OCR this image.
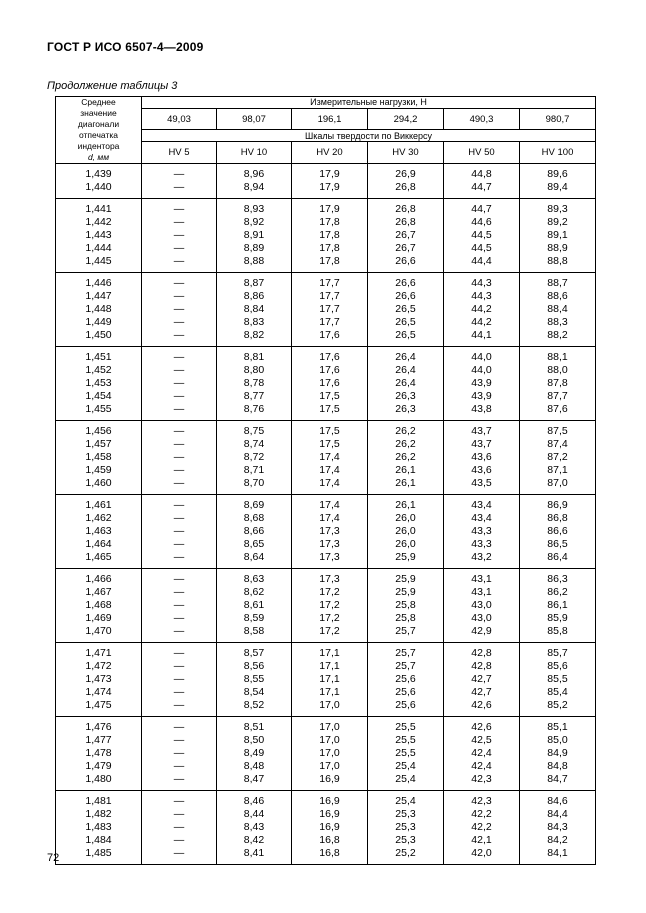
ГОСТ Р ИСО 6507-4—2009
Продолжение таблицы 3
Среднее
значение
диагонали
отпечатка
индентора
d, мм
	Измерительные нагрузки, Н
	49,03	98,07	196,1	294,2	490,3	980,7
	Шкалы твердости по Виккерсу					
	HV 5	HV 10	HV 20	HV 30	HV 50	HV 100
1,439	—	8,96	17,9	26,9	44,8	89,6
1,440	—	8,94	17,9	26,8	44,7	89,4
1,441	—	8,93	17,9	26,8	44,7	89,3
1,442	—	8,92	17,8	26,8	44,6	89,2
1,443	—	8,91	17,8	26,7	44,5	89,1
1,444	—	8,89	17,8	26,7	44,5	88,9
1,445	—	8,88	17,8	26,6	44,4	88,8
1,446	—	8,87	17,7	26,6	44,3	88,7
1,447	—	8,86	17,7	26,6	44,3	88,6
1,448	—	8,84	17,7	26,5	44,2	88,4
1,449	—	8,83	17,7	26,5	44,2	88,3
1,450	—	8,82	17,6	26,5	44,1	88,2
1,451	—	8,81	17,6	26,4	44,0	88,1
1,452	—	8,80	17,6	26,4	44,0	88,0
1,453	—	8,78	17,6	26,4	43,9	87,8
1,454	—	8,77	17,5	26,3	43,9	87,7
1,455	—	8,76	17,5	26,3	43,8	87,6
1,456	—	8,75	17,5	26,2	43,7	87,5
1,457	—	8,74	17,5	26,2	43,7	87,4
1,458	—	8,72	17,4	26,2	43,6	87,2
1,459	—	8,71	17,4	26,1	43,6	87,1
1,460	—	8,70	17,4	26,1	43,5	87,0
1,461	—	8,69	17,4	26,1	43,4	86,9
1,462	—	8,68	17,4	26,0	43,4	86,8
1,463	—	8,66	17,3	26,0	43,3	86,6
1,464	—	8,65	17,3	26,0	43,3	86,5
1,465	—	8,64	17,3	25,9	43,2	86,4
1,466	—	8,63	17,3	25,9	43,1	86,3
1,467	—	8,62	17,2	25,9	43,1	86,2
1,468	—	8,61	17,2	25,8	43,0	86,1
1,469	—	8,59	17,2	25,8	43,0	85,9
1,470	—	8,58	17,2	25,7	42,9	85,8
1,471	—	8,57	17,1	25,7	42,8	85,7
1,472	—	8,56	17,1	25,7	42,8	85,6
1,473	—	8,55	17,1	25,6	42,7	85,5
1,474	—	8,54	17,1	25,6	42,7	85,4
1,475	—	8,52	17,0	25,6	42,6	85,2
1,476	—	8,51	17,0	25,5	42,6	85,1
1,477	—	8,50	17,0	25,5	42,5	85,0
1,478	—	8,49	17,0	25,5	42,4	84,9
1,479	—	8,48	17,0	25,4	42,4	84,8
1,480	—	8,47	16,9	25,4	42,3	84,7
1,481	—	8,46	16,9	25,4	42,3	84,6
1,482	—	8,44	16,9	25,3	42,2	84,4
1,483	—	8,43	16,9	25,3	42,2	84,3
1,484	—	8,42	16,8	25,3	42,1	84,2
1,485	—	8,41	16,8	25,2	42,0	84,1
72
